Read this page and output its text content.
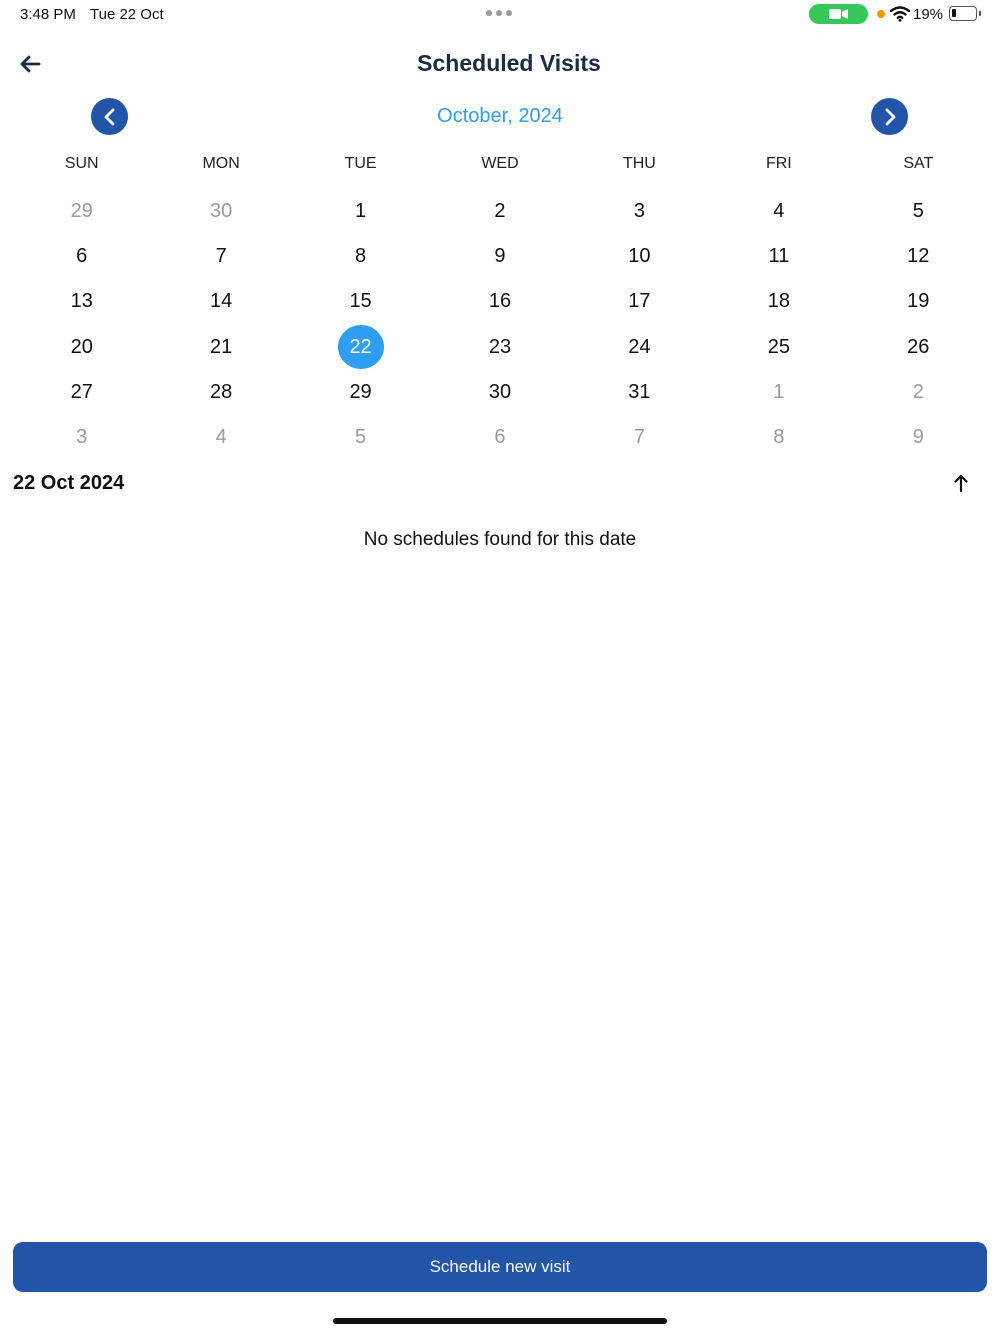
3:48 PM Tue 22 Oct	19%
Scheduled Visits
October, 2024
SUN	MON	TUE	WED	THU	FRI	SAT
29	30	1	2	3	4	5
6	7	8	9	10	11	12
13	14	15	16	17	18	19
20	21	22	23	24	25	26
27	28	29	30	31	1	2
3	4	5	6	7	8	9
22 Oct 2024
No schedules found for this date
Schedule new visit
